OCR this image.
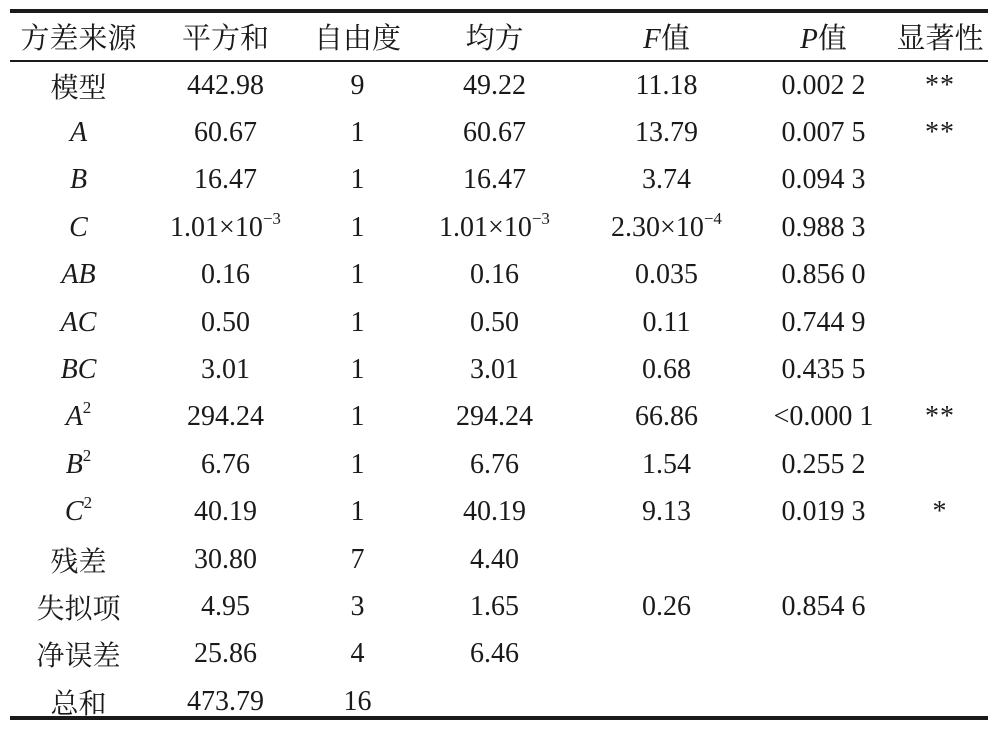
方差来源	平方和	自由度	均方	F值	P值	显著性
模型	442.98	9	49.22	11.18	0.002 2	**
A	60.67	1	60.67	13.79	0.007 5	**
B	16.47	1	16.47	3.74	0.094 3	
C	$1.01\times 10^{-3}$	1	$1.01\times 10^{-3}$	$2.30\times 10^{-4}$	0.988 3	
AB	0.16	1	0.16	0.035	0.856 0	
AC	0.50	1	0.50	0.11	0.744 9	
BC	3.01	1	3.01	0.68	0.435 5	
$A^2$	294.24	1	294.24	66.86	<0.000 1	**
$B^2$	6.76	1	6.76	1.54	0.255 2	
$C^2$	40.19	1	40.19	9.13	0.019 3	*
残差	30.80	7	4.40			
失拟项	4.95	3	1.65	0.26	0.854 6	
净误差	25.86	4	6.46			
总和	473.79	16				
